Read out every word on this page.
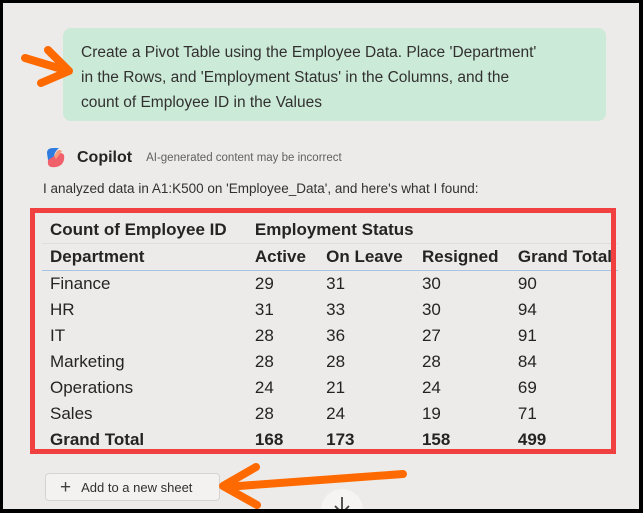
Create a Pivot Table using the Employee Data. Place 'Department'
in the Rows, and 'Employment Status' in the Columns, and the
count of Employee ID in the Values
Copilot AI-generated content may be incorrect
I analyzed data in A1:K500 on 'Employee_Data', and here's what I found:
Count of Employee ID	Employment Status			
Department	Active	On Leave	Resigned	Grand Total
Finance	29	31	30	90
HR	31	33	30	94
IT	28	36	27	91
Marketing	28	28	28	84
Operations	24	21	24	69
Sales	28	24	19	71
Grand Total	168	173	158	499
+ Add to a new sheet
